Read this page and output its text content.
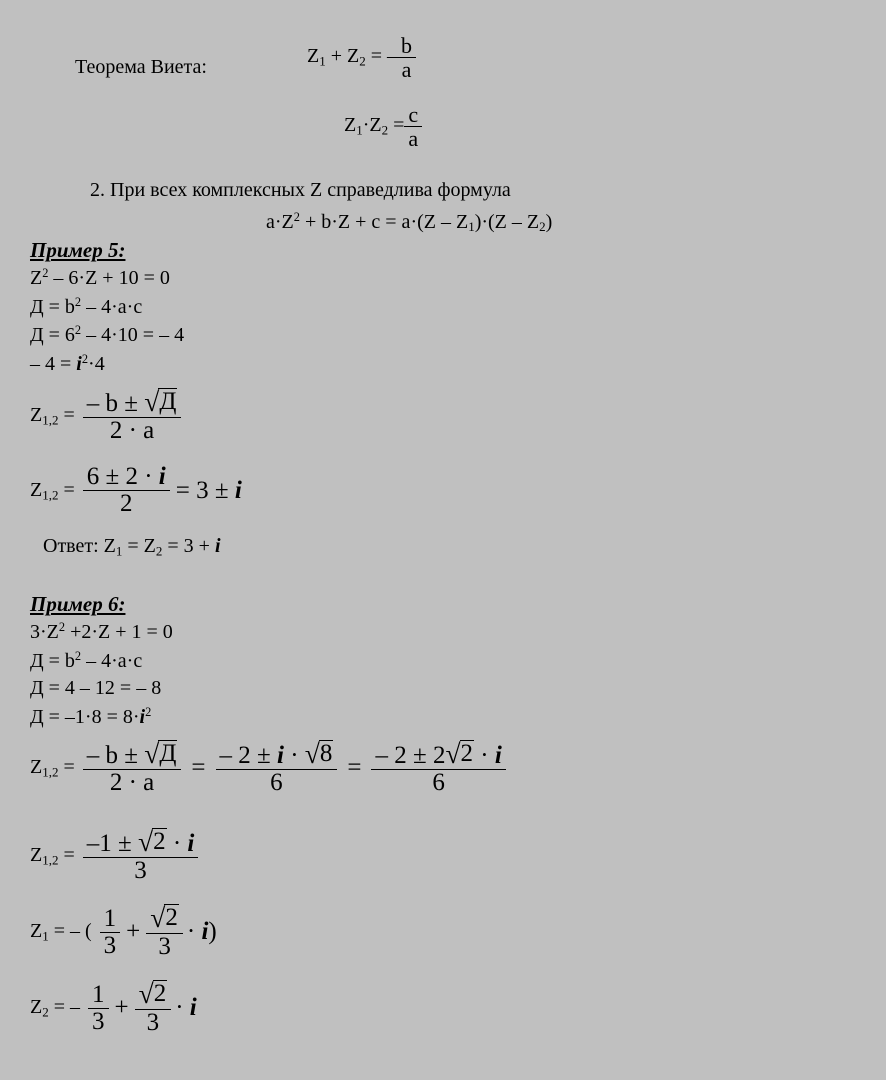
Теорема Виета:	$Z_1 + Z_2$ = – $\frac{b}{a}$
$Z_1\cdot Z_2 = \frac{c}{a}$
2. При всех комплексных Z справедлива формула
$a\cdot Z^2 + b\cdot Z + c = a\cdot(Z - Z_1)\cdot(Z - Z_2)$
Пример 5:
$Z^2 - 6\cdot Z + 10 = 0$
$Д = b^2 - 4\cdot a\cdot c$
$Д = 6^2 - 4\cdot 10$ = – 4
– $4 = i^2\cdot 4$
$Z_{1,2} = \frac{- b \pm √ Д}{2 \cdot a}$
$Z_{1,2} = \frac{6 \pm 2 \cdot i}{2} = 3 \pm i$
Ответ: $Z_1 = Z_2 = 3 + i$
Пример 6:
$3\cdot Z^2 +2\cdot Z + 1 = 0$
$Д = b^2 - 4\cdot a\cdot c$
Д = 4 – 12 = – 8
$Д = -1\cdot 8 = 8\cdot i^2$
$Z_{1,2} = \frac{- b \pm √ Д}{2 \cdot a} = \frac{- 2 \pm i \cdot √ 8}{6} = \frac{- 2 \pm 2 √ 2 \cdot i}{6}$
$Z_{1,2} = \frac{-1 \pm √ 2 \cdot i}{3}$
$Z_1$ = – ( $\frac{1}{3} + \frac{√ 2}{3} \cdot i$)
$Z_2$ = – $\frac{1}{3} + \frac{√ 2}{3} \cdot i$
